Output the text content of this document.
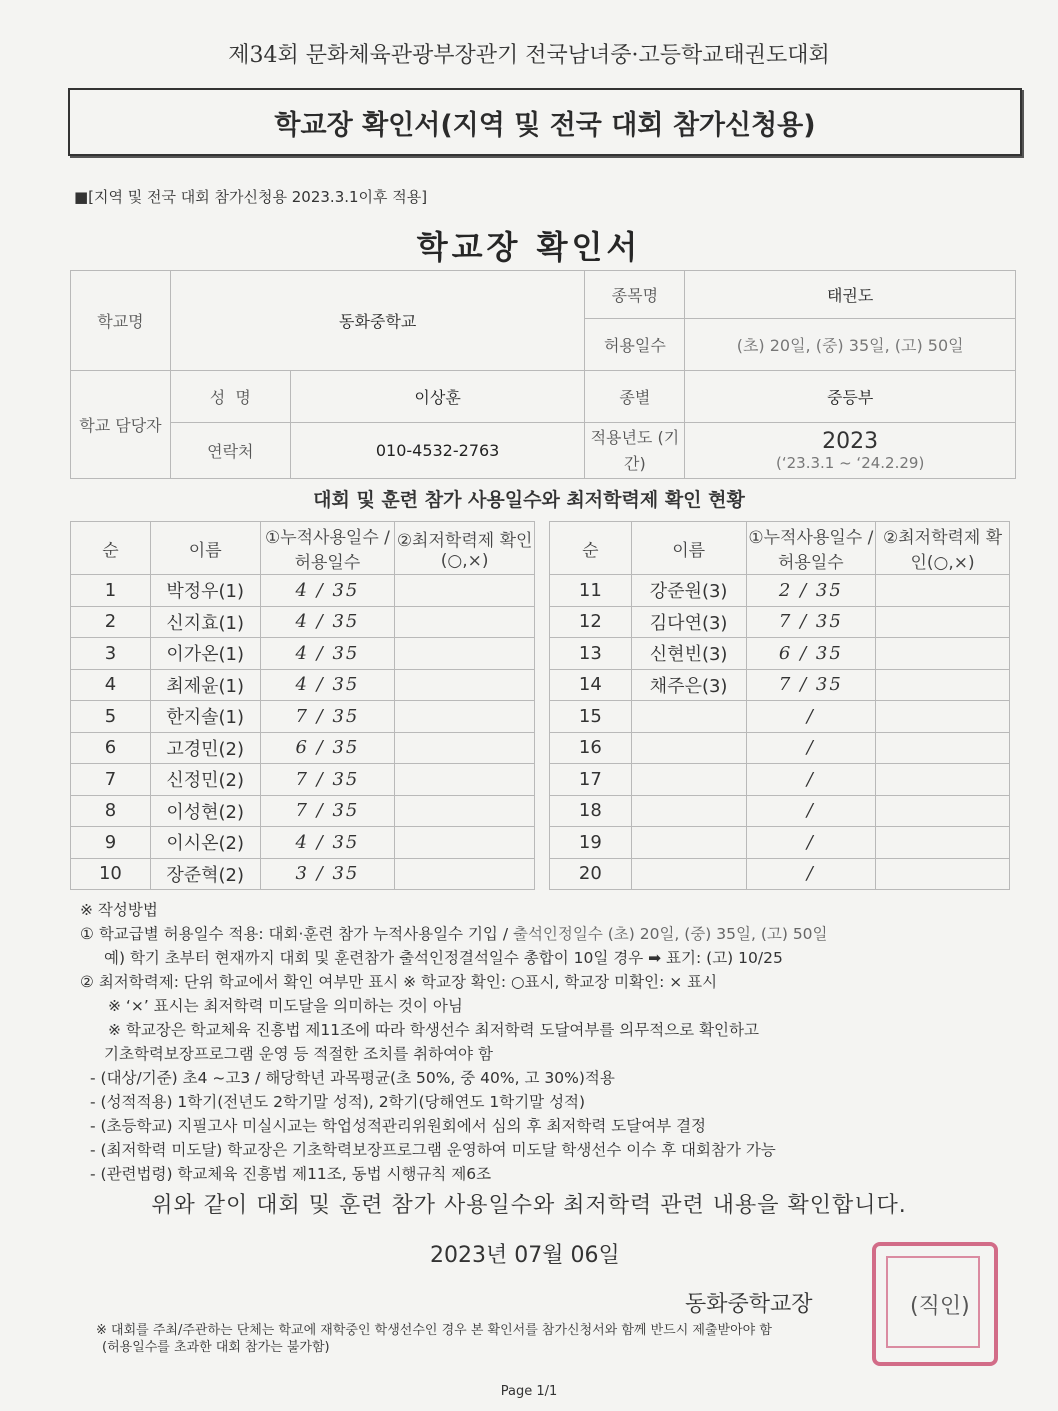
제34회 문화체육관광부장관기 전국남녀중·고등학교태권도대회
학교장 확인서(지역 및 전국 대회 참가신청용)
■[지역 및 전국 대회 참가신청용 2023.3.1이후 적용]
학교장 확인서
학교명	동화중학교		종목명	태권도
			허용일수	(초) 20일, (중) 35일, (고) 50일
학교 담당자	성  명	이상훈	종별	중등부
	연락처	010-4532-2763	적용년도 (기간)	2023
(‘23.3.1 ~ ‘24.2.29)
대회 및 훈련 참가 사용일수와 최저학력제 확인 현황
순	이름	①누적사용일수 /허용일수	②최저학력제 확인(○,×)		순	이름	①누적사용일수 /허용일수	②최저학력제 확인(○,×)
1	박정우(1)	4 / 35			11	강준원(3)	2 / 35	
2	신지효(1)	4 / 35			12	김다연(3)	7 / 35	
3	이가온(1)	4 / 35			13	신현빈(3)	6 / 35	
4	최제윤(1)	4 / 35			14	채주은(3)	7 / 35	
5	한지솔(1)	7 / 35			15		/	
6	고경민(2)	6 / 35			16		/	
7	신정민(2)	7 / 35			17		/	
8	이성현(2)	7 / 35			18		/	
9	이시온(2)	4 / 35			19		/	
10	장준혁(2)	3 / 35			20		/	
※ 작성방법
① 학교급별 허용일수 적용: 대회·훈련 참가 누적사용일수 기입 / 출석인정일수 (초) 20일, (중) 35일, (고) 50일
예) 학기 초부터 현재까지 대회 및 훈련참가 출석인정결석일수 총합이 10일 경우 ➡ 표기: (고) 10/25
② 최저학력제: 단위 학교에서 확인 여부만 표시 ※ 학교장 확인: ○표시, 학교장 미확인: × 표시
※ ‘×’ 표시는 최저학력 미도달을 의미하는 것이 아님
※ 학교장은 학교체육 진흥법 제11조에 따라 학생선수 최저학력 도달여부를 의무적으로 확인하고
기초학력보장프로그램 운영 등 적절한 조치를 취하여야 함
- (대상/기준) 초4 ~고3 / 해당학년 과목평균(초 50%, 중 40%, 고 30%)적용
- (성적적용) 1학기(전년도 2학기말 성적), 2학기(당해연도 1학기말 성적)
- (초등학교) 지필고사 미실시교는 학업성적관리위원회에서 심의 후 최저학력 도달여부 결정
- (최저학력 미도달) 학교장은 기초학력보장프로그램 운영하여 미도달 학생선수 이수 후 대회참가 가능
- (관련법령) 학교체육 진흥법 제11조, 동법 시행규칙 제6조
위와 같이 대회 및 훈련 참가 사용일수와 최저학력 관련 내용을 확인합니다.
2023년 07월 06일
동화중학교장	(직인)
※ 대회를 주최/주관하는 단체는 학교에 재학중인 학생선수인 경우 본 확인서를 참가신청서와 함께 반드시 제출받아야 함
(허용일수를 초과한 대회 참가는 불가함)
Page 1/1
